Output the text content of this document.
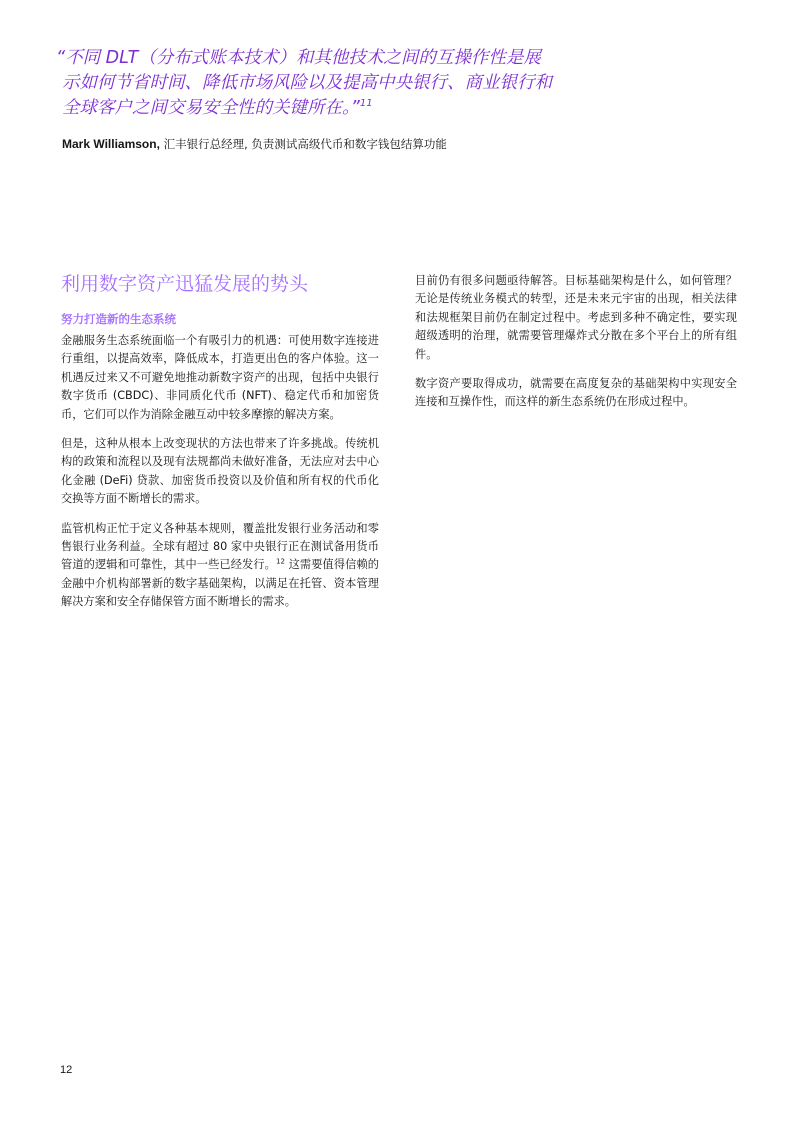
“不同 DLT（分布式账本技术）和其他技术之间的互操作性是展
示如何节省时间、降低市场风险以及提高中央银行、商业银行和
全球客户之间交易安全性的关键所在。”$^{11}$
Mark Williamson, 汇丰银行总经理, 负责测试高级代币和数字钱包结算功能
利用数字资产迅猛发展的势头
努力打造新的生态系统

金融服务生态系统面临一个有吸引力的机遇：可使用数字连接进行重组，以提高效率，降低成本，打造更出色的客户体验。这一机遇反过来又不可避免地推动新数字资产的出现，包括中央银行数字货币 (CBDC)、非同质化代币 (NFT)、稳定代币和加密货币，它们可以作为消除金融互动中较多摩擦的解决方案。

但是，这种从根本上改变现状的方法也带来了许多挑战。传统机构的政策和流程以及现有法规都尚未做好准备，无法应对去中心化金融 (DeFi) 贷款、加密货币投资以及价值和所有权的代币化交换等方面不断增长的需求。

监管机构正忙于定义各种基本规则，覆盖批发银行业务活动和零售银行业务利益。全球有超过 80 家中央银行正在测试备用货币管道的逻辑和可靠性，其中一些已经发行。$^{12}$ 这需要值得信赖的金融中介机构部署新的数字基础架构，以满足在托管、资本管理解决方案和安全存储保管方面不断增长的需求。

目前仍有很多问题亟待解答。目标基础架构是什么，如何管理？无论是传统业务模式的转型，还是未来元宇宙的出现，相关法律和法规框架目前仍在制定过程中。考虑到多种不确定性，要实现超级透明的治理，就需要管理爆炸式分散在多个平台上的所有组件。

数字资产要取得成功，就需要在高度复杂的基础架构中实现安全连接和互操作性，而这样的新生态系统仍在形成过程中。

12
